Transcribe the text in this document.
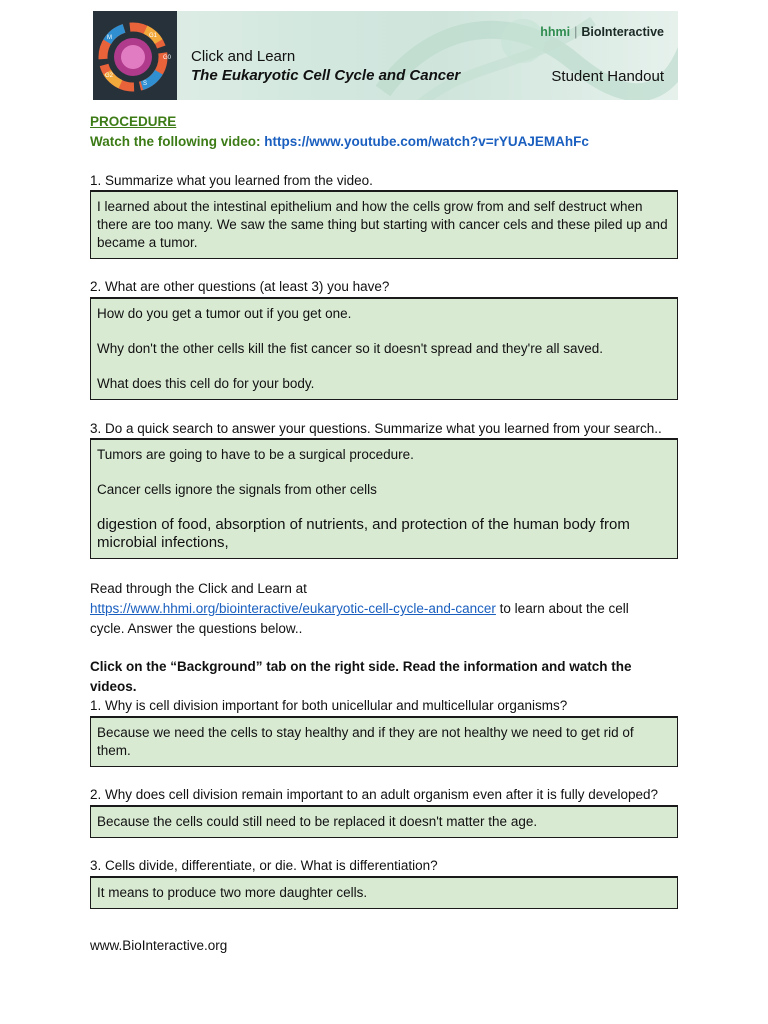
G1
S
G2
M
G0 Click and Learn
The Eukaryotic Cell Cycle and Cancer
hhmi | BioInteractive
Student Handout
PROCEDURE
Watch the following video: https://www.youtube.com/watch?v=rYUAJEMAhFc
1. Summarize what you learned from the video.

I learned about the intestinal epithelium and how the cells grow from and self destruct when there are too many. We saw the same thing but starting with cancer cels and these piled up and became a tumor.

2. What are other questions (at least 3) you have?

How do you get a tumor out if you get one.

Why don't the other cells kill the fist cancer so it doesn't spread and they're all saved.

What does this cell do for your body.

3. Do a quick search to answer your questions. Summarize what you learned from your search..

Tumors are going to have to be a surgical procedure.

Cancer cells ignore the signals from other cells

digestion of food, absorption of nutrients, and protection of the human body from microbial infections,

Read through the Click and Learn at
https://www.hhmi.org/biointeractive/eukaryotic-cell-cycle-and-cancer to learn about the cell
cycle. Answer the questions below..
Click on the “Background” tab on the right side. Read the information and watch the videos.
1. Why is cell division important for both unicellular and multicellular organisms?

Because we need the cells to stay healthy and if they are not healthy we need to get rid of them.

2. Why does cell division remain important to an adult organism even after it is fully developed?

Because the cells could still need to be replaced it doesn't matter the age.

3. Cells divide, differentiate, or die. What is differentiation?

It means to produce two more daughter cells.

www.BioInteractive.org
